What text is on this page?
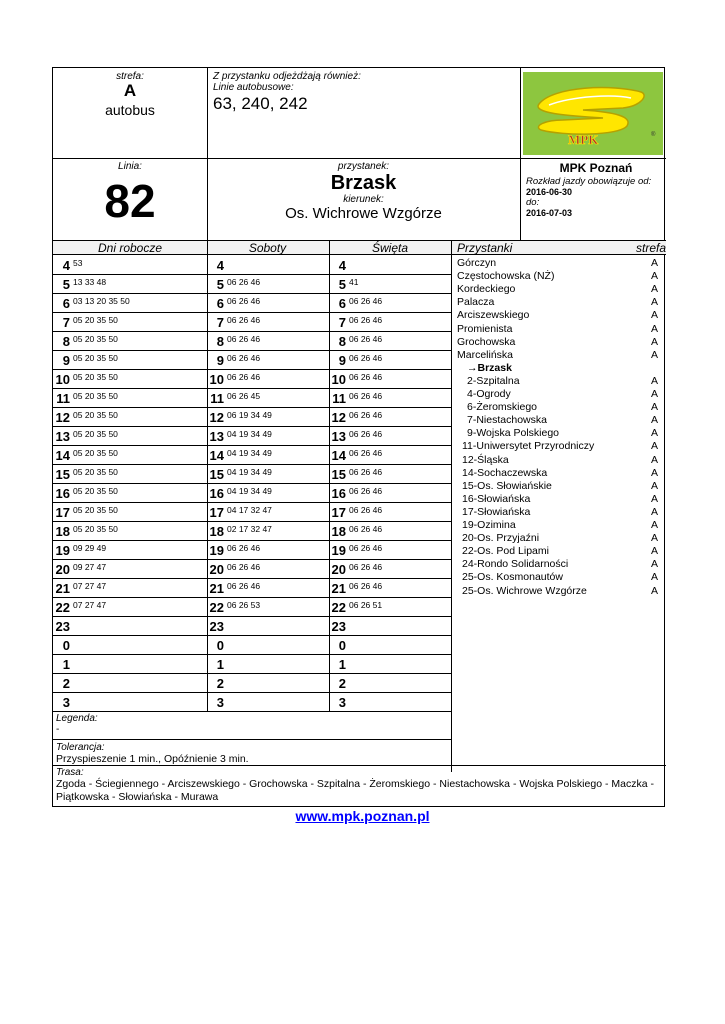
strefa:
A
autobus
Z przystanku odjeżdżają również:
Linie autobusowe:
63, 240, 242
MPK	®
Linia:
82
przystanek:
Brzask
kierunek:
Os. Wichrowe Wzgórze
MPK Poznań
Rozkład jazdy obowiązuje od:
2016-06-30
do:
2016-07-03
Dni robocze	Soboty	Święta	Przystanki	strefa
4 53	4	4
5 13 33 48	5 06 26 46	5 41
6 03 13 20 35 50	6 06 26 46	6 06 26 46
7 05 20 35 50	7 06 26 46	7 06 26 46
8 05 20 35 50	8 06 26 46	8 06 26 46
9 05 20 35 50	9 06 26 46	9 06 26 46
10 05 20 35 50	10 06 26 46	10 06 26 46
11 05 20 35 50	11 06 26 45	11 06 26 46
12 05 20 35 50	12 06 19 34 49	12 06 26 46
13 05 20 35 50	13 04 19 34 49	13 06 26 46
14 05 20 35 50	14 04 19 34 49	14 06 26 46
15 05 20 35 50	15 04 19 34 49	15 06 26 46
16 05 20 35 50	16 04 19 34 49	16 06 26 46
17 05 20 35 50	17 04 17 32 47	17 06 26 46
18 05 20 35 50	18 02 17 32 47	18 06 26 46
19 09 29 49	19 06 26 46	19 06 26 46
20 09 27 47	20 06 26 46	20 06 26 46
21 07 27 47	21 06 26 46	21 06 26 46
22 07 27 47	22 06 26 53	22 06 26 51
23	23	23
0	0	0
1	1	1
2	2	2
3	3	3
Górczyn	A
Częstochowska (NŻ)	A
Kordeckiego	A
Palacza	A
Arciszewskiego	A
Promienista	A
Grochowska	A
Marcelińska	A
→Brzask
2-Szpitalna	A
4-Ogrody	A
6-Żeromskiego	A
7-Niestachowska	A
9-Wojska Polskiego	A
11-Uniwersytet Przyrodniczy	A
12-Śląska	A
14-Sochaczewska	A
15-Os. Słowiańskie	A
16-Słowiańska	A
17-Słowiańska	A
19-Ozimina	A
20-Os. Przyjaźni	A
22-Os. Pod Lipami	A
24-Rondo Solidarności	A
25-Os. Kosmonautów	A
25-Os. Wichrowe Wzgórze	A
Legenda:
-
Tolerancja:
Przyspieszenie 1 min., Opóźnienie 3 min.
Trasa:
Zgoda - Ściegiennego - Arciszewskiego - Grochowska - Szpitalna - Żeromskiego - Niestachowska - Wojska Polskiego - Maczka - Piątkowska - Słowiańska - Murawa
www.mpk.poznan.pl
